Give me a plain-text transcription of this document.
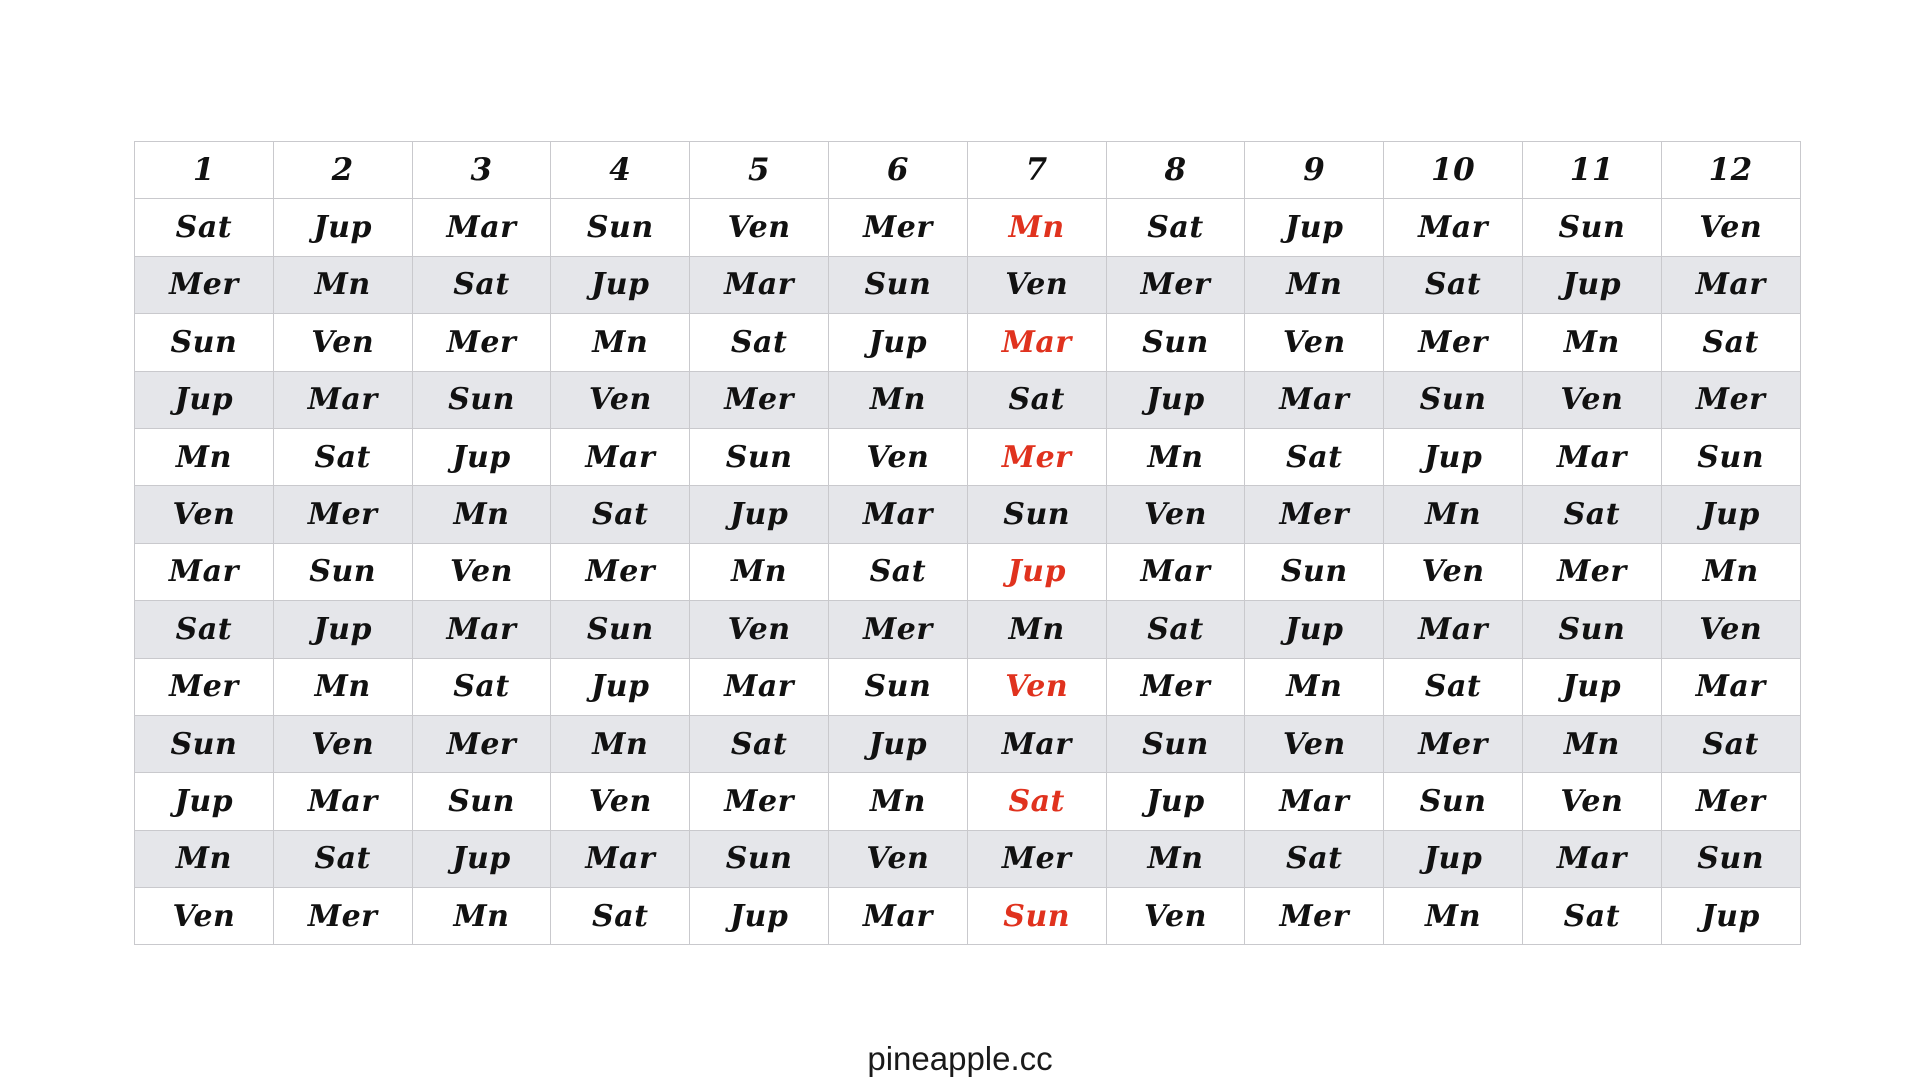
1	2	3	4	5	6	7	8	9	10	11	12
Sat	Jup	Mar	Sun	Ven	Mer	Mn	Sat	Jup	Mar	Sun	Ven
Mer	Mn	Sat	Jup	Mar	Sun	Ven	Mer	Mn	Sat	Jup	Mar
Sun	Ven	Mer	Mn	Sat	Jup	Mar	Sun	Ven	Mer	Mn	Sat
Jup	Mar	Sun	Ven	Mer	Mn	Sat	Jup	Mar	Sun	Ven	Mer
Mn	Sat	Jup	Mar	Sun	Ven	Mer	Mn	Sat	Jup	Mar	Sun
Ven	Mer	Mn	Sat	Jup	Mar	Sun	Ven	Mer	Mn	Sat	Jup
Mar	Sun	Ven	Mer	Mn	Sat	Jup	Mar	Sun	Ven	Mer	Mn
Sat	Jup	Mar	Sun	Ven	Mer	Mn	Sat	Jup	Mar	Sun	Ven
Mer	Mn	Sat	Jup	Mar	Sun	Ven	Mer	Mn	Sat	Jup	Mar
Sun	Ven	Mer	Mn	Sat	Jup	Mar	Sun	Ven	Mer	Mn	Sat
Jup	Mar	Sun	Ven	Mer	Mn	Sat	Jup	Mar	Sun	Ven	Mer
Mn	Sat	Jup	Mar	Sun	Ven	Mer	Mn	Sat	Jup	Mar	Sun
Ven	Mer	Mn	Sat	Jup	Mar	Sun	Ven	Mer	Mn	Sat	Jup
pineapple.cc
